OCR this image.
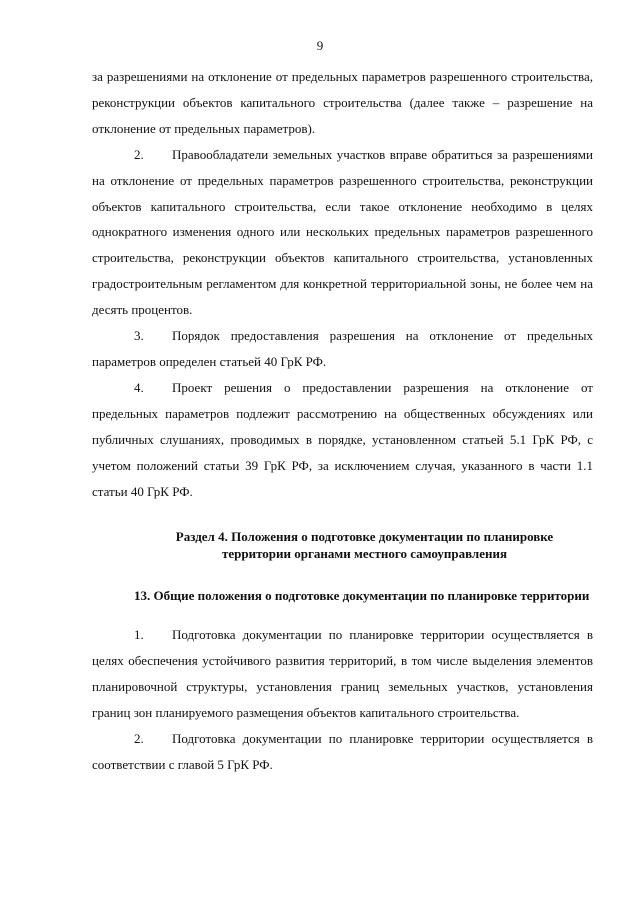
9

за разрешениями на отклонение от предельных параметров разрешенного строительства, реконструкции объектов капитального строительства (далее также – разрешение на отклонение от предельных параметров).

2. Правообладатели земельных участков вправе обратиться за разрешениями на отклонение от предельных параметров разрешенного строительства, реконструкции объектов капитального строительства, если такое отклонение необходимо в целях однократного изменения одного или нескольких предельных параметров разрешенного строительства, реконструкции объектов капитального строительства, установленных градостроительным регламентом для конкретной территориальной зоны, не более чем на десять процентов.

3. Порядок предоставления разрешения на отклонение от предельных параметров определен статьей 40 ГрК РФ.

4. Проект решения о предоставлении разрешения на отклонение от предельных параметров подлежит рассмотрению на общественных обсуждениях или публичных слушаниях, проводимых в порядке, установленном статьей 5.1 ГрК РФ, с учетом положений статьи 39 ГрК РФ, за исключением случая, указанного в части 1.1 статьи 40 ГрК РФ.

Раздел 4. Положения о подготовке документации по планировке
территории органами местного самоуправления

13. Общие положения о подготовке документации по планировке территории

1. Подготовка документации по планировке территории осуществляется в целях обеспечения устойчивого развития территорий, в том числе выделения элементов планировочной структуры, установления границ земельных участков, установления границ зон планируемого размещения объектов капитального строительства.

2. Подготовка документации по планировке территории осуществляется в соответствии с главой 5 ГрК РФ.
